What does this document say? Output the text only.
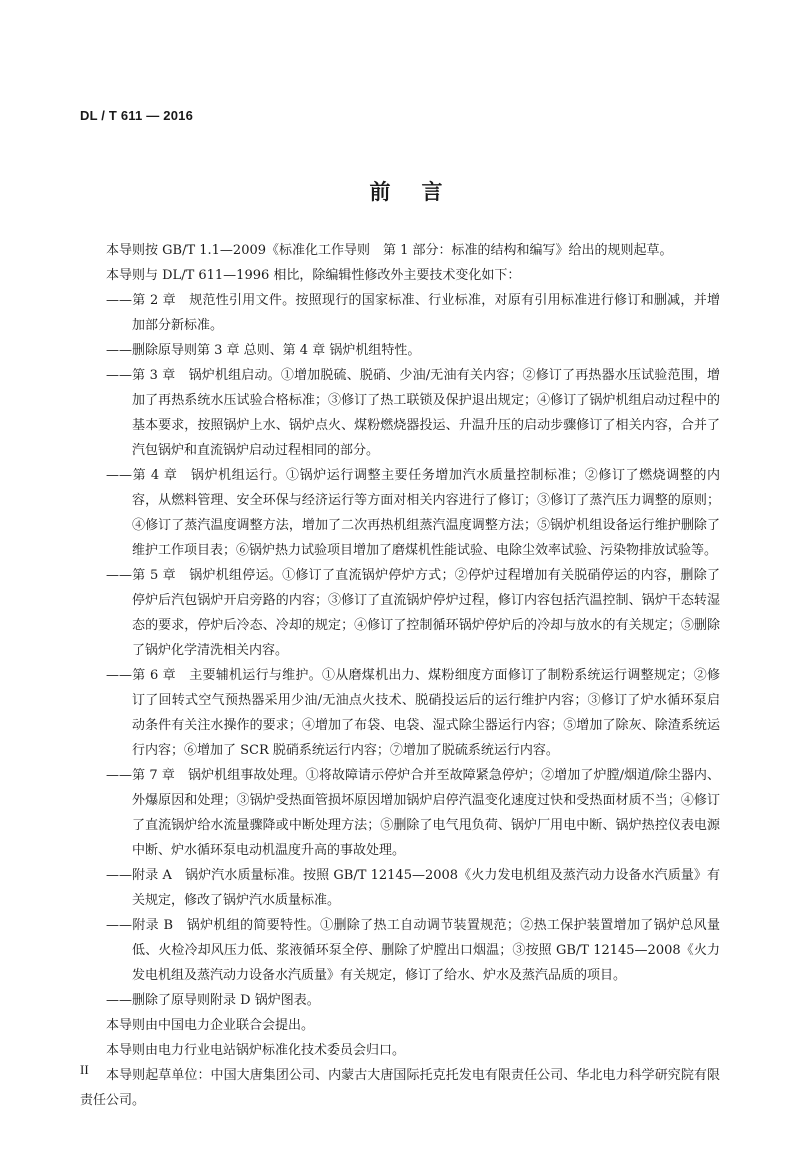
DL / T 611 — 2016
前 言

本导则按 GB/T 1.1—2009《标准化工作导则　第 1 部分：标准的结构和编写》给出的规则起草。

本导则与 DL/T 611—1996 相比，除编辑性修改外主要技术变化如下：

——第 2 章　规范性引用文件。按照现行的国家标准、行业标准，对原有引用标准进行修订和删减，并增加部分新标准。

——删除原导则第 3 章 总则、第 4 章 锅炉机组特性。

——第 3 章　锅炉机组启动。①增加脱硫、脱硝、少油/无油有关内容；②修订了再热器水压试验范围，增加了再热系统水压试验合格标准；③修订了热工联锁及保护退出规定；④修订了锅炉机组启动过程中的基本要求，按照锅炉上水、锅炉点火、煤粉燃烧器投运、升温升压的启动步骤修订了相关内容，合并了汽包锅炉和直流锅炉启动过程相同的部分。

——第 4 章　锅炉机组运行。①锅炉运行调整主要任务增加汽水质量控制标准；②修订了燃烧调整的内容，从燃料管理、安全环保与经济运行等方面对相关内容进行了修订；③修订了蒸汽压力调整的原则；④修订了蒸汽温度调整方法，增加了二次再热机组蒸汽温度调整方法；⑤锅炉机组设备运行维护删除了维护工作项目表；⑥锅炉热力试验项目增加了磨煤机性能试验、电除尘效率试验、污染物排放试验等。

——第 5 章　锅炉机组停运。①修订了直流锅炉停炉方式；②停炉过程增加有关脱硝停运的内容，删除了停炉后汽包锅炉开启旁路的内容；③修订了直流锅炉停炉过程，修订内容包括汽温控制、锅炉干态转湿态的要求，停炉后冷态、冷却的规定；④修订了控制循环锅炉停炉后的冷却与放水的有关规定；⑤删除了锅炉化学清洗相关内容。

——第 6 章　主要辅机运行与维护。①从磨煤机出力、煤粉细度方面修订了制粉系统运行调整规定；②修订了回转式空气预热器采用少油/无油点火技术、脱硝投运后的运行维护内容；③修订了炉水循环泵启动条件有关注水操作的要求；④增加了布袋、电袋、湿式除尘器运行内容；⑤增加了除灰、除渣系统运行内容；⑥增加了 SCR 脱硝系统运行内容；⑦增加了脱硫系统运行内容。

——第 7 章　锅炉机组事故处理。①将故障请示停炉合并至故障紧急停炉；②增加了炉膛/烟道/除尘器内、外爆原因和处理；③锅炉受热面管损坏原因增加锅炉启停汽温变化速度过快和受热面材质不当；④修订了直流锅炉给水流量骤降或中断处理方法；⑤删除了电气甩负荷、锅炉厂用电中断、锅炉热控仪表电源中断、炉水循环泵电动机温度升高的事故处理。

——附录 A　锅炉汽水质量标准。按照 GB/T 12145—2008《火力发电机组及蒸汽动力设备水汽质量》有关规定，修改了锅炉汽水质量标准。

——附录 B　锅炉机组的简要特性。①删除了热工自动调节装置规范；②热工保护装置增加了锅炉总风量低、火检冷却风压力低、浆液循环泵全停、删除了炉膛出口烟温；③按照 GB/T 12145—2008《火力发电机组及蒸汽动力设备水汽质量》有关规定，修订了给水、炉水及蒸汽品质的项目。

——删除了原导则附录 D 锅炉图表。

本导则由中国电力企业联合会提出。

本导则由电力行业电站锅炉标准化技术委员会归口。

本导则起草单位：中国大唐集团公司、内蒙古大唐国际托克托发电有限责任公司、华北电力科学研究院有限责任公司。

II
